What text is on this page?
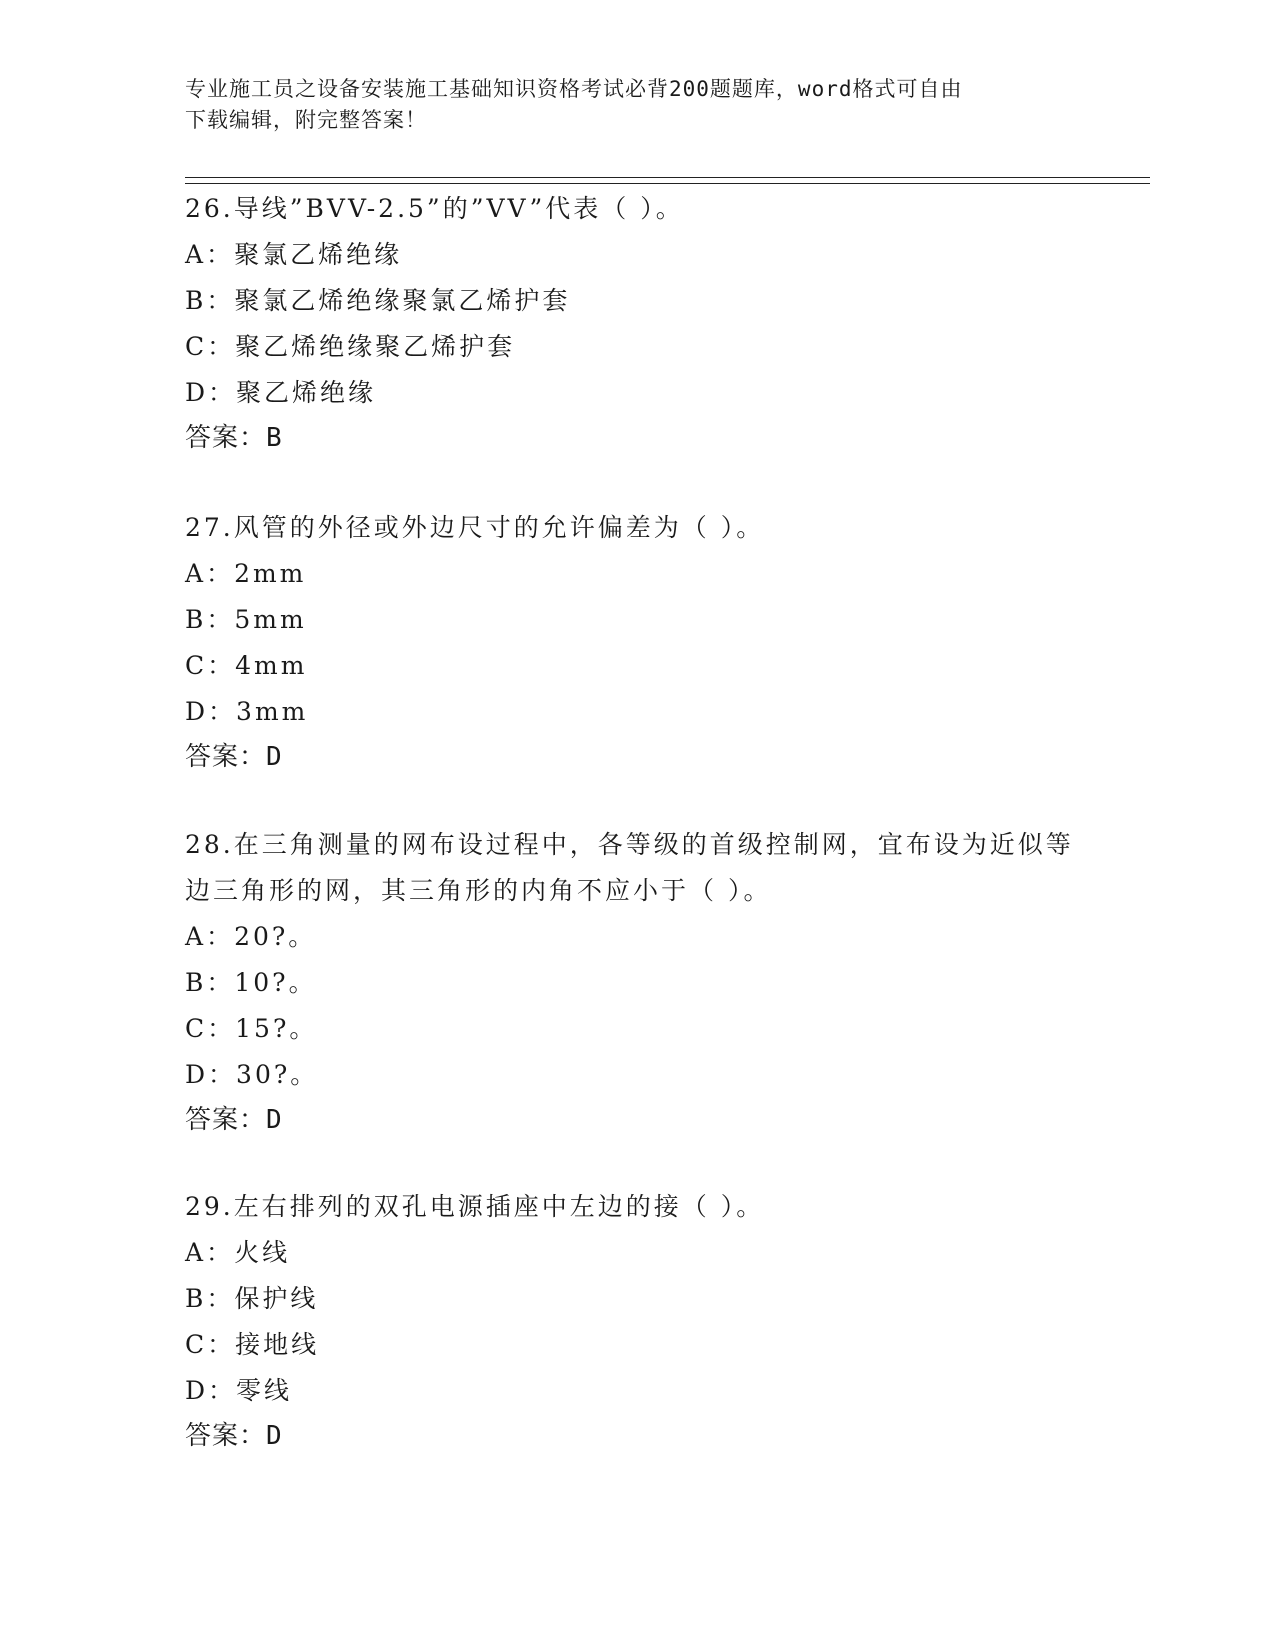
专业施工员之设备安装施工基础知识资格考试必背200题题库，word格式可自由
下载编辑，附完整答案！

26.导线”BVV-2.5”的”VV”代表（ ）。

A：聚氯乙烯绝缘

B：聚氯乙烯绝缘聚氯乙烯护套

C：聚乙烯绝缘聚乙烯护套

D：聚乙烯绝缘

答案：B

27.风管的外径或外边尺寸的允许偏差为（ ）。

A：2mm

B：5mm

C：4mm

D：3mm

答案：D

28.在三角测量的网布设过程中，各等级的首级控制网，宜布设为近似等边三角形的网，其三角形的内角不应小于（ ）。

A：20?。

B：10?。

C：15?。

D：30?。

答案：D

29.左右排列的双孔电源插座中左边的接（ ）。

A：火线

B：保护线

C：接地线

D：零线

答案：D
